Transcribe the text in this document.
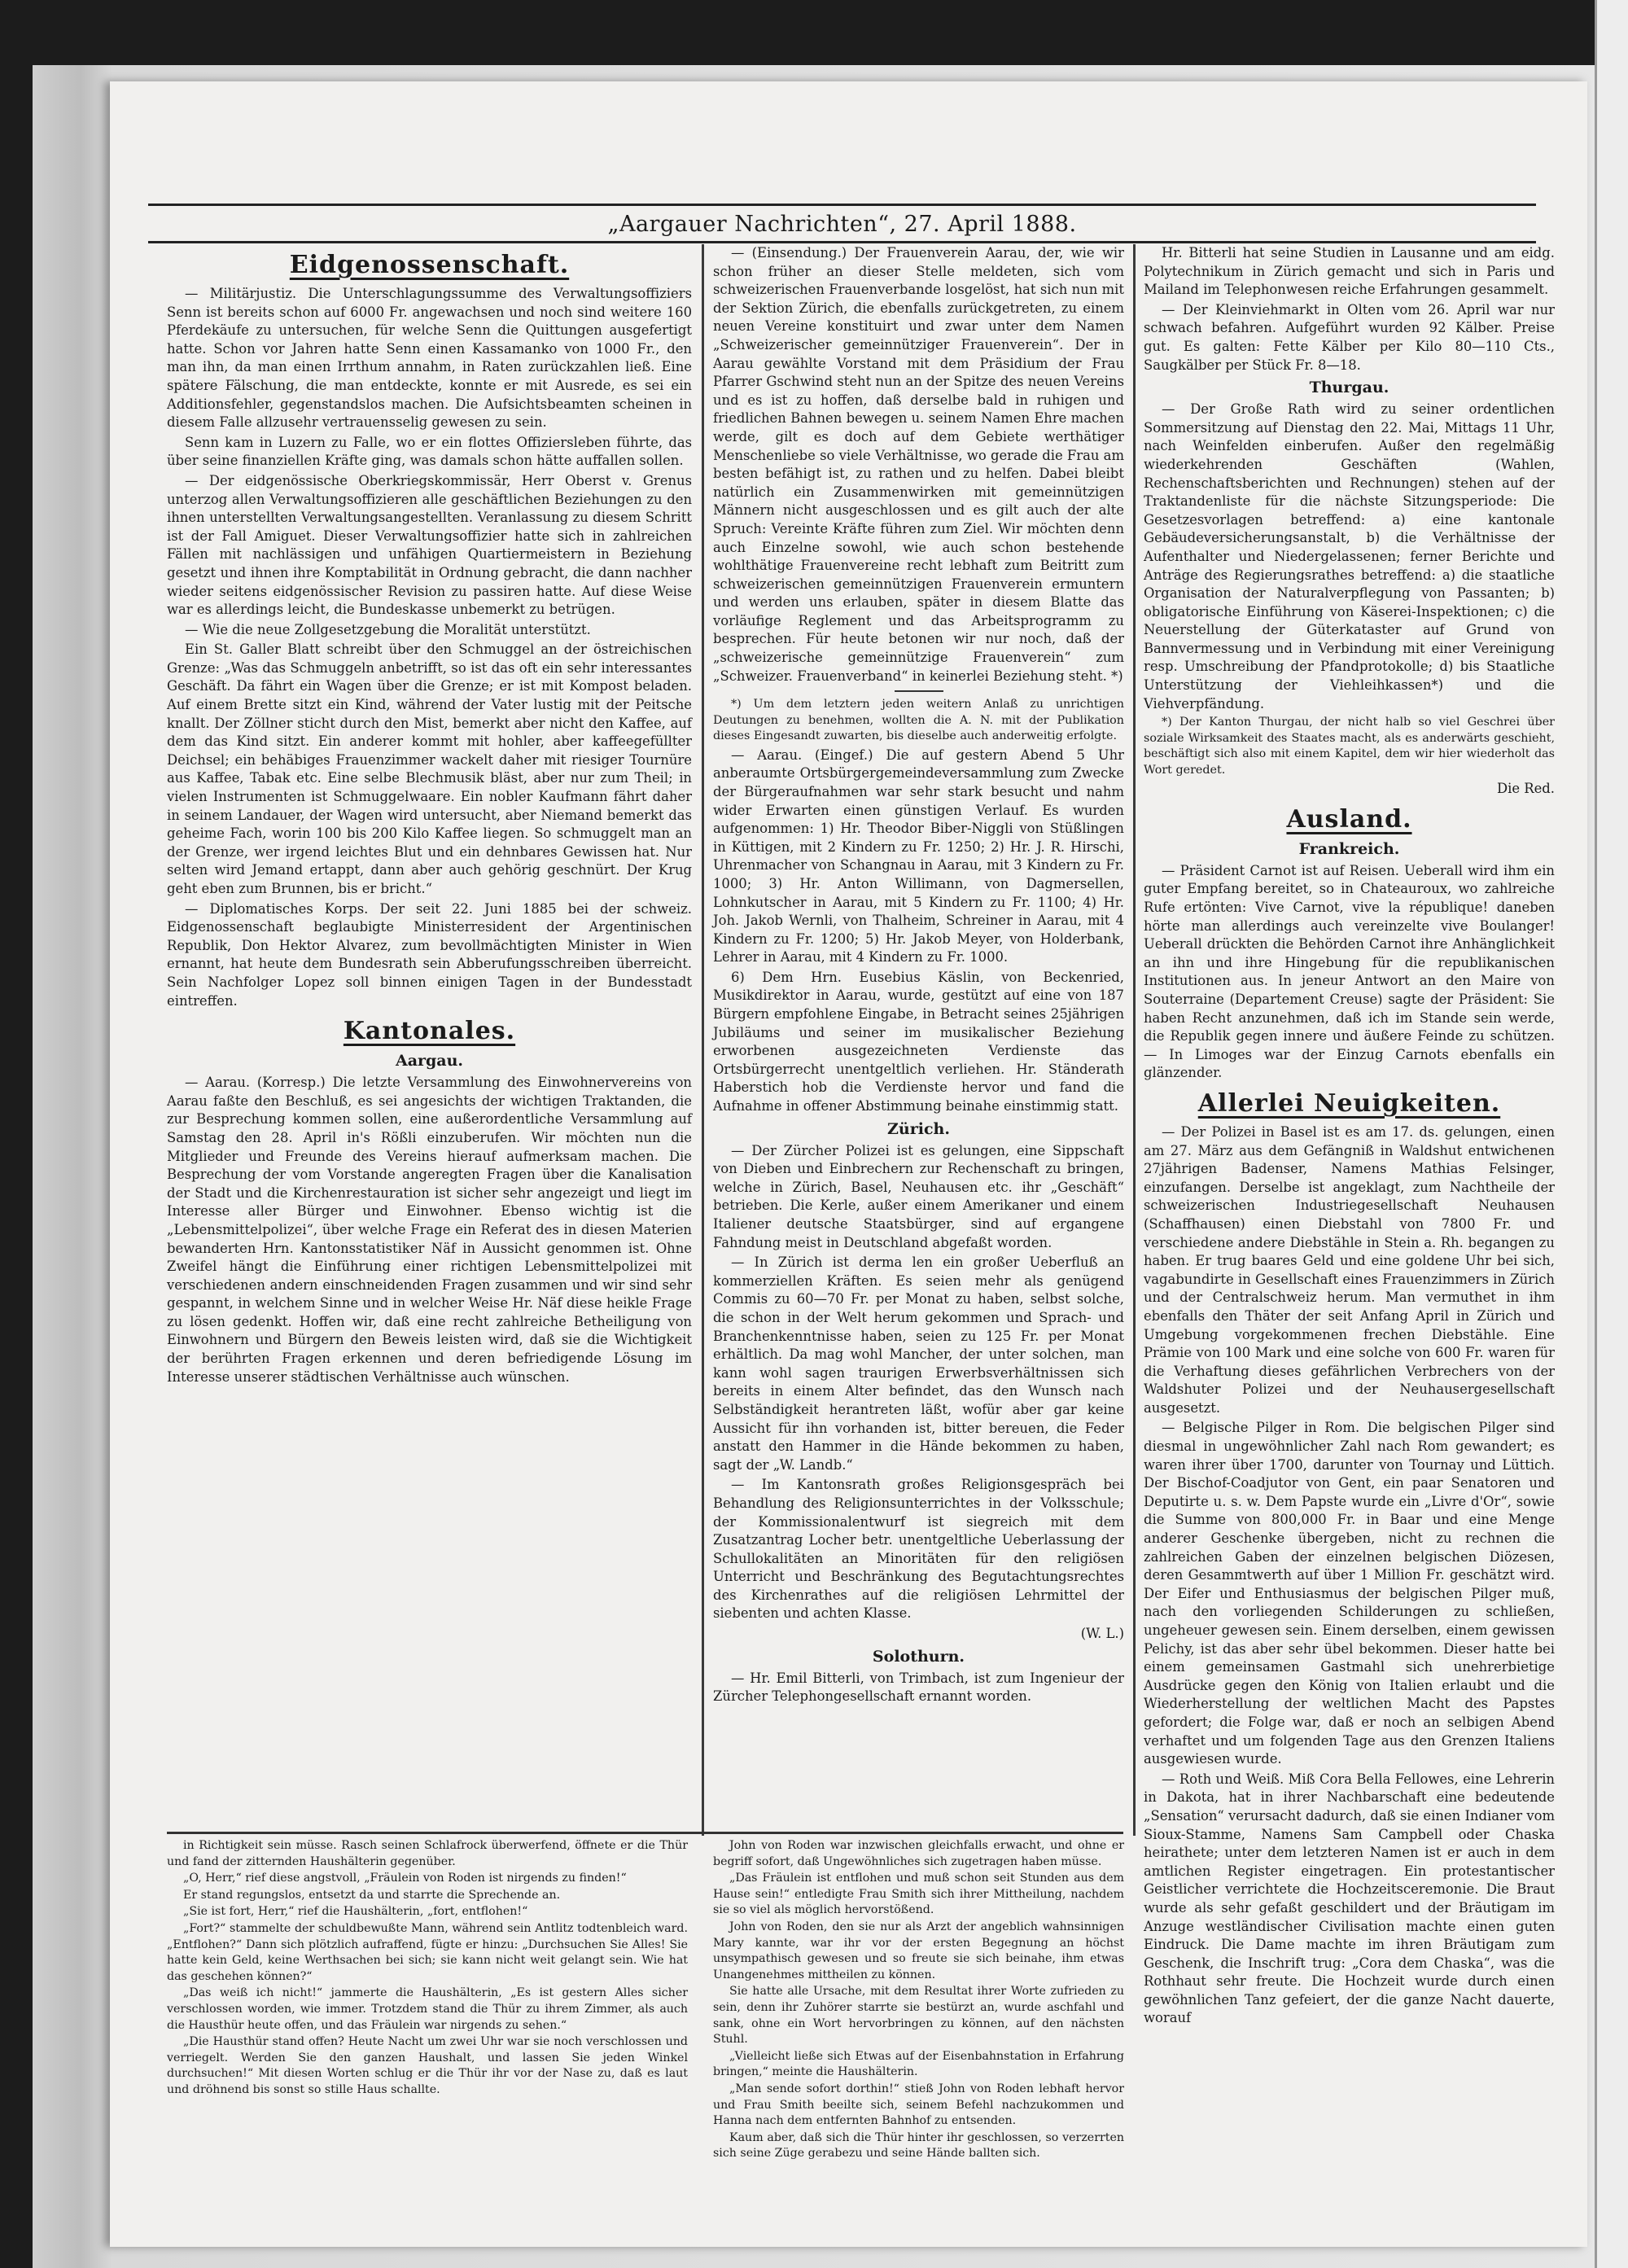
„Aargauer Nachrichten“, 27. April 1888.
Eidgenossenschaft.

— Militärjustiz. Die Unterschlagungssumme des Verwaltungsoffiziers Senn ist bereits schon auf 6000 Fr. angewachsen und noch sind weitere 160 Pferdekäufe zu untersuchen, für welche Senn die Quittungen ausgefertigt hatte. Schon vor Jahren hatte Senn einen Kassamanko von 1000 Fr., den man ihn, da man einen Irrthum annahm, in Raten zurückzahlen ließ. Eine spätere Fälschung, die man entdeckte, konnte er mit Ausrede, es sei ein Additionsfehler, gegenstandslos machen. Die Aufsichtsbeamten scheinen in diesem Falle allzusehr vertrauensselig gewesen zu sein.

Senn kam in Luzern zu Falle, wo er ein flottes Offiziersleben führte, das über seine finanziellen Kräfte ging, was damals schon hätte auffallen sollen.

— Der eidgenössische Oberkriegskommissär, Herr Oberst v. Grenus unterzog allen Verwaltungsoffizieren alle geschäftlichen Beziehungen zu den ihnen unterstellten Verwaltungsangestellten. Veranlassung zu diesem Schritt ist der Fall Amiguet. Dieser Verwaltungsoffizier hatte sich in zahlreichen Fällen mit nachlässigen und unfähigen Quartiermeistern in Beziehung gesetzt und ihnen ihre Komptabilität in Ordnung gebracht, die dann nachher wieder seitens eidgenössischer Revision zu passiren hatte. Auf diese Weise war es allerdings leicht, die Bundeskasse unbemerkt zu betrügen.

— Wie die neue Zollgesetzgebung die Moralität unterstützt.

Ein St. Galler Blatt schreibt über den Schmuggel an der östreichischen Grenze: „Was das Schmuggeln anbetrifft, so ist das oft ein sehr interessantes Geschäft. Da fährt ein Wagen über die Grenze; er ist mit Kompost beladen. Auf einem Brette sitzt ein Kind, während der Vater lustig mit der Peitsche knallt. Der Zöllner sticht durch den Mist, bemerkt aber nicht den Kaffee, auf dem das Kind sitzt. Ein anderer kommt mit hohler, aber kaffeegefüllter Deichsel; ein behäbiges Frauenzimmer wackelt daher mit riesiger Tournüre aus Kaffee, Tabak etc. Eine selbe Blechmusik bläst, aber nur zum Theil; in vielen Instrumenten ist Schmuggelwaare. Ein nobler Kaufmann fährt daher in seinem Landauer, der Wagen wird untersucht, aber Niemand bemerkt das geheime Fach, worin 100 bis 200 Kilo Kaffee liegen. So schmuggelt man an der Grenze, wer irgend leichtes Blut und ein dehnbares Gewissen hat. Nur selten wird Jemand ertappt, dann aber auch gehörig geschnürt. Der Krug geht eben zum Brunnen, bis er bricht.“

— Diplomatisches Korps. Der seit 22. Juni 1885 bei der schweiz. Eidgenossenschaft beglaubigte Ministerresident der Argentinischen Republik, Don Hektor Alvarez, zum bevollmächtigten Minister in Wien ernannt, hat heute dem Bundesrath sein Abberufungsschreiben überreicht. Sein Nachfolger Lopez soll binnen einigen Tagen in der Bundesstadt eintreffen.

Kantonales.
Aargau.

— Aarau. (Korresp.) Die letzte Versammlung des Einwohnervereins von Aarau faßte den Beschluß, es sei angesichts der wichtigen Traktanden, die zur Besprechung kommen sollen, eine außerordentliche Versammlung auf Samstag den 28. April in's Rößli einzuberufen. Wir möchten nun die Mitglieder und Freunde des Vereins hierauf aufmerksam machen. Die Besprechung der vom Vorstande angeregten Fragen über die Kanalisation der Stadt und die Kirchenrestauration ist sicher sehr angezeigt und liegt im Interesse aller Bürger und Einwohner. Ebenso wichtig ist die „Lebensmittelpolizei“, über welche Frage ein Referat des in diesen Materien bewanderten Hrn. Kantonsstatistiker Näf in Aussicht genommen ist. Ohne Zweifel hängt die Einführung einer richtigen Lebensmittelpolizei mit verschiedenen andern einschneidenden Fragen zusammen und wir sind sehr gespannt, in welchem Sinne und in welcher Weise Hr. Näf diese heikle Frage zu lösen gedenkt. Hoffen wir, daß eine recht zahlreiche Betheiligung von Einwohnern und Bürgern den Beweis leisten wird, daß sie die Wichtigkeit der berührten Fragen erkennen und deren befriedigende Lösung im Interesse unserer städtischen Verhältnisse auch wünschen.

— (Einsendung.) Der Frauenverein Aarau, der, wie wir schon früher an dieser Stelle meldeten, sich vom schweizerischen Frauenverbande losgelöst, hat sich nun mit der Sektion Zürich, die ebenfalls zurückgetreten, zu einem neuen Vereine konstituirt und zwar unter dem Namen „Schweizerischer gemeinnütziger Frauenverein“. Der in Aarau gewählte Vorstand mit dem Präsidium der Frau Pfarrer Gschwind steht nun an der Spitze des neuen Vereins und es ist zu hoffen, daß derselbe bald in ruhigen und friedlichen Bahnen bewegen u. seinem Namen Ehre machen werde, gilt es doch auf dem Gebiete werthätiger Menschenliebe so viele Verhältnisse, wo gerade die Frau am besten befähigt ist, zu rathen und zu helfen. Dabei bleibt natürlich ein Zusammenwirken mit gemeinnützigen Männern nicht ausgeschlossen und es gilt auch der alte Spruch: Vereinte Kräfte führen zum Ziel. Wir möchten denn auch Einzelne sowohl, wie auch schon bestehende wohlthätige Frauenvereine recht lebhaft zum Beitritt zum schweizerischen gemeinnützigen Frauenverein ermuntern und werden uns erlauben, später in diesem Blatte das vorläufige Reglement und das Arbeitsprogramm zu besprechen. Für heute betonen wir nur noch, daß der „schweizerische gemeinnützige Frauenverein“ zum „Schweizer. Frauenverband“ in keinerlei Beziehung steht. *)

*) Um dem letztern jeden weitern Anlaß zu unrichtigen Deutungen zu benehmen, wollten die A. N. mit der Publikation dieses Eingesandt zuwarten, bis dieselbe auch anderweitig erfolgte.

— Aarau. (Eingef.) Die auf gestern Abend 5 Uhr anberaumte Ortsbürgergemeindeversammlung zum Zwecke der Bürgeraufnahmen war sehr stark besucht und nahm wider Erwarten einen günstigen Verlauf. Es wurden aufgenommen: 1) Hr. Theodor Biber-Niggli von Stüßlingen in Küttigen, mit 2 Kindern zu Fr. 1250; 2) Hr. J. R. Hirschi, Uhrenmacher von Schangnau in Aarau, mit 3 Kindern zu Fr. 1000; 3) Hr. Anton Willimann, von Dagmersellen, Lohnkutscher in Aarau, mit 5 Kindern zu Fr. 1100; 4) Hr. Joh. Jakob Wernli, von Thalheim, Schreiner in Aarau, mit 4 Kindern zu Fr. 1200; 5) Hr. Jakob Meyer, von Holderbank, Lehrer in Aarau, mit 4 Kindern zu Fr. 1000.

6) Dem Hrn. Eusebius Käslin, von Beckenried, Musikdirektor in Aarau, wurde, gestützt auf eine von 187 Bürgern empfohlene Eingabe, in Betracht seines 25jährigen Jubiläums und seiner im musikalischer Beziehung erworbenen ausgezeichneten Verdienste das Ortsbürgerrecht unentgeltlich verliehen. Hr. Ständerath Haberstich hob die Verdienste hervor und fand die Aufnahme in offener Abstimmung beinahe einstimmig statt.

Zürich.

— Der Zürcher Polizei ist es gelungen, eine Sippschaft von Dieben und Einbrechern zur Rechenschaft zu bringen, welche in Zürich, Basel, Neuhausen etc. ihr „Geschäft“ betrieben. Die Kerle, außer einem Amerikaner und einem Italiener deutsche Staatsbürger, sind auf ergangene Fahndung meist in Deutschland abgefaßt worden.

— In Zürich ist derma len ein großer Ueberfluß an kommerziellen Kräften. Es seien mehr als genügend Commis zu 60—70 Fr. per Monat zu haben, selbst solche, die schon in der Welt herum gekommen und Sprach- und Branchenkenntnisse haben, seien zu 125 Fr. per Monat erhältlich. Da mag wohl Mancher, der unter solchen, man kann wohl sagen traurigen Erwerbsverhältnissen sich bereits in einem Alter befindet, das den Wunsch nach Selbständigkeit herantreten läßt, wofür aber gar keine Aussicht für ihn vorhanden ist, bitter bereuen, die Feder anstatt den Hammer in die Hände bekommen zu haben, sagt der „W. Landb.“

— Im Kantonsrath großes Religionsgespräch bei Behandlung des Religionsunterrichtes in der Volksschule; der Kommissionalentwurf ist siegreich mit dem Zusatzantrag Locher betr. unentgeltliche Ueberlassung der Schullokalitäten an Minoritäten für den religiösen Unterricht und Beschränkung des Begutachtungsrechtes des Kirchenrathes auf die religiösen Lehrmittel der siebenten und achten Klasse.

(W. L.)
Solothurn.

— Hr. Emil Bitterli, von Trimbach, ist zum Ingenieur der Zürcher Telephongesellschaft ernannt worden.

Hr. Bitterli hat seine Studien in Lausanne und am eidg. Polytechnikum in Zürich gemacht und sich in Paris und Mailand im Telephonwesen reiche Erfahrungen gesammelt.

— Der Kleinviehmarkt in Olten vom 26. April war nur schwach befahren. Aufgeführt wurden 92 Kälber. Preise gut. Es galten: Fette Kälber per Kilo 80—110 Cts., Saugkälber per Stück Fr. 8—18.

Thurgau.

— Der Große Rath wird zu seiner ordentlichen Sommersitzung auf Dienstag den 22. Mai, Mittags 11 Uhr, nach Weinfelden einberufen. Außer den regelmäßig wiederkehrenden Geschäften (Wahlen, Rechenschaftsberichten und Rechnungen) stehen auf der Traktandenliste für die nächste Sitzungsperiode: Die Gesetzesvorlagen betreffend: a) eine kantonale Gebäudeversicherungsanstalt, b) die Verhältnisse der Aufenthalter und Niedergelassenen; ferner Berichte und Anträge des Regierungsrathes betreffend: a) die staatliche Organisation der Naturalverpflegung von Passanten; b) obligatorische Einführung von Käserei-Inspektionen; c) die Neuerstellung der Güterkataster auf Grund von Bannvermessung und in Verbindung mit einer Vereinigung resp. Umschreibung der Pfandprotokolle; d) bis Staatliche Unterstützung der Viehleihkassen*) und die Viehverpfändung.

*) Der Kanton Thurgau, der nicht halb so viel Geschrei über soziale Wirksamkeit des Staates macht, als es anderwärts geschieht, beschäftigt sich also mit einem Kapitel, dem wir hier wiederholt das Wort geredet.

Die Red.
Ausland.
Frankreich.

— Präsident Carnot ist auf Reisen. Ueberall wird ihm ein guter Empfang bereitet, so in Chateauroux, wo zahlreiche Rufe ertönten: Vive Carnot, vive la république! daneben hörte man allerdings auch vereinzelte vive Boulanger! Ueberall drückten die Behörden Carnot ihre Anhänglichkeit an ihn und ihre Hingebung für die republikanischen Institutionen aus. In jeneur Antwort an den Maire von Souterraine (Departement Creuse) sagte der Präsident: Sie haben Recht anzunehmen, daß ich im Stande sein werde, die Republik gegen innere und äußere Feinde zu schützen. — In Limoges war der Einzug Carnots ebenfalls ein glänzender.

Allerlei Neuigkeiten.

— Der Polizei in Basel ist es am 17. ds. gelungen, einen am 27. März aus dem Gefängniß in Waldshut entwichenen 27jährigen Badenser, Namens Mathias Felsinger, einzufangen. Derselbe ist angeklagt, zum Nachtheile der schweizerischen Industriegesellschaft Neuhausen (Schaffhausen) einen Diebstahl von 7800 Fr. und verschiedene andere Diebstähle in Stein a. Rh. begangen zu haben. Er trug baares Geld und eine goldene Uhr bei sich, vagabundirte in Gesellschaft eines Frauenzimmers in Zürich und der Centralschweiz herum. Man vermuthet in ihm ebenfalls den Thäter der seit Anfang April in Zürich und Umgebung vorgekommenen frechen Diebstähle. Eine Prämie von 100 Mark und eine solche von 600 Fr. waren für die Verhaftung dieses gefährlichen Verbrechers von der Waldshuter Polizei und der Neuhausergesellschaft ausgesetzt.

— Belgische Pilger in Rom. Die belgischen Pilger sind diesmal in ungewöhnlicher Zahl nach Rom gewandert; es waren ihrer über 1700, darunter von Tournay und Lüttich. Der Bischof-Coadjutor von Gent, ein paar Senatoren und Deputirte u. s. w. Dem Papste wurde ein „Livre d'Or“, sowie die Summe von 800,000 Fr. in Baar und eine Menge anderer Geschenke übergeben, nicht zu rechnen die zahlreichen Gaben der einzelnen belgischen Diözesen, deren Gesammtwerth auf über 1 Million Fr. geschätzt wird. Der Eifer und Enthusiasmus der belgischen Pilger muß, nach den vorliegenden Schilderungen zu schließen, ungeheuer gewesen sein. Einem derselben, einem gewissen Pelichy, ist das aber sehr übel bekommen. Dieser hatte bei einem gemeinsamen Gastmahl sich unehrerbietige Ausdrücke gegen den König von Italien erlaubt und die Wiederherstellung der weltlichen Macht des Papstes gefordert; die Folge war, daß er noch an selbigen Abend verhaftet und um folgenden Tage aus den Grenzen Italiens ausgewiesen wurde.

— Roth und Weiß. Miß Cora Bella Fellowes, eine Lehrerin in Dakota, hat in ihrer Nachbarschaft eine bedeutende „Sensation“ verursacht dadurch, daß sie einen Indianer vom Sioux-Stamme, Namens Sam Campbell oder Chaska heirathete; unter dem letzteren Namen ist er auch in dem amtlichen Register eingetragen. Ein protestantischer Geistlicher verrichtete die Hochzeitsceremonie. Die Braut wurde als sehr gefaßt geschildert und der Bräutigam im Anzuge westländischer Civilisation machte einen guten Eindruck. Die Dame machte im ihren Bräutigam zum Geschenk, die Inschrift trug: „Cora dem Chaska“, was die Rothhaut sehr freute. Die Hochzeit wurde durch einen gewöhnlichen Tanz gefeiert, der die ganze Nacht dauerte, worauf

in Richtigkeit sein müsse. Rasch seinen Schlafrock überwerfend, öffnete er die Thür und fand der zitternden Haushälterin gegenüber.

„O, Herr,“ rief diese angstvoll, „Fräulein von Roden ist nirgends zu finden!“

Er stand regungslos, entsetzt da und starrte die Sprechende an.

„Sie ist fort, Herr,“ rief die Haushälterin, „fort, entflohen!“

„Fort?“ stammelte der schuldbewußte Mann, während sein Antlitz todtenbleich ward. „Entflohen?“ Dann sich plötzlich aufraffend, fügte er hinzu: „Durchsuchen Sie Alles! Sie hatte kein Geld, keine Werthsachen bei sich; sie kann nicht weit gelangt sein. Wie hat das geschehen können?“

„Das weiß ich nicht!“ jammerte die Haushälterin, „Es ist gestern Alles sicher verschlossen worden, wie immer. Trotzdem stand die Thür zu ihrem Zimmer, als auch die Hausthür heute offen, und das Fräulein war nirgends zu sehen.“

„Die Hausthür stand offen? Heute Nacht um zwei Uhr war sie noch verschlossen und verriegelt. Werden Sie den ganzen Haushalt, und lassen Sie jeden Winkel durchsuchen!“ Mit diesen Worten schlug er die Thür ihr vor der Nase zu, daß es laut und dröhnend bis sonst so stille Haus schallte.

John von Roden war inzwischen gleichfalls erwacht, und ohne er begriff sofort, daß Ungewöhnliches sich zugetragen haben müsse.

„Das Fräulein ist entflohen und muß schon seit Stunden aus dem Hause sein!“ entledigte Frau Smith sich ihrer Mittheilung, nachdem sie so viel als möglich hervorstößend.

John von Roden, den sie nur als Arzt der angeblich wahnsinnigen Mary kannte, war ihr vor der ersten Begegnung an höchst unsympathisch gewesen und so freute sie sich beinahe, ihm etwas Unangenehmes mittheilen zu können.

Sie hatte alle Ursache, mit dem Resultat ihrer Worte zufrieden zu sein, denn ihr Zuhörer starrte sie bestürzt an, wurde aschfahl und sank, ohne ein Wort hervorbringen zu können, auf den nächsten Stuhl.

„Vielleicht ließe sich Etwas auf der Eisenbahnstation in Erfahrung bringen,“ meinte die Haushälterin.

„Man sende sofort dorthin!“ stieß John von Roden lebhaft hervor und Frau Smith beeilte sich, seinem Befehl nachzukommen und Hanna nach dem entfernten Bahnhof zu entsenden.

Kaum aber, daß sich die Thür hinter ihr geschlossen, so verzerrten sich seine Züge gerabezu und seine Hände ballten sich.
